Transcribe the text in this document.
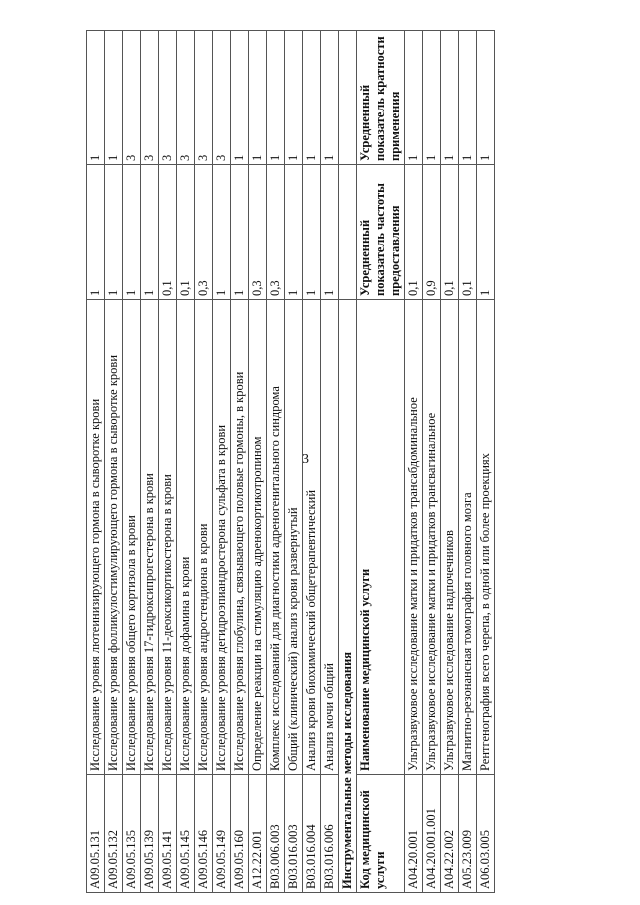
3
A09.05.131	Исследование уровня лютеинизирующего гормона в сыворотке крови	1	1
A09.05.132	Исследование уровня фолликулостимулирующего гормона в сыворотке крови	1	1
A09.05.135	Исследование уровня общего кортизола в крови	1	3
A09.05.139	Исследование уровня 17-гидроксипрогестерона в крови	1	3
A09.05.141	Исследование уровня 11-деоксикортикостерона в крови	0,1	3
A09.05.145	Исследование уровня дофамина в крови	0,1	3
A09.05.146	Исследование уровня андростендиона в крови	0,3	3
A09.05.149	Исследование уровня дегидроэпиандростерона сульфата в крови	1	3
A09.05.160	Исследование уровня глобулина, связывающего половые гормоны, в крови	1	1
A12.22.001	Определение реакции на стимуляцию адренокортикотропином	0,3	1
B03.006.003	Комплекс исследований для диагностики адреногенитального синдрома	0,3	1
B03.016.003	Общий (клинический) анализ крови развернутый	1	1
B03.016.004	Анализ крови биохимический общетерапевтический	1	1
B03.016.006	Анализ мочи общий	1	1
Инструментальные методы исследования			
Код медицинской услуги	Наименование медицинской услуги	Усредненный показатель частоты предоставления	Усредненный показатель кратности применения
A04.20.001	Ультразвуковое исследование матки и придатков трансабдоминальное	0,1	1
A04.20.001.001	Ультразвуковое исследование матки и придатков трансвагинальное	0,9	1
A04.22.002	Ультразвуковое исследование надпочечников	0,1	1
A05.23.009	Магнитно-резонансная томография головного мозга	0,1	1
A06.03.005	Рентгенография всего черепа, в одной или более проекциях	1	1
